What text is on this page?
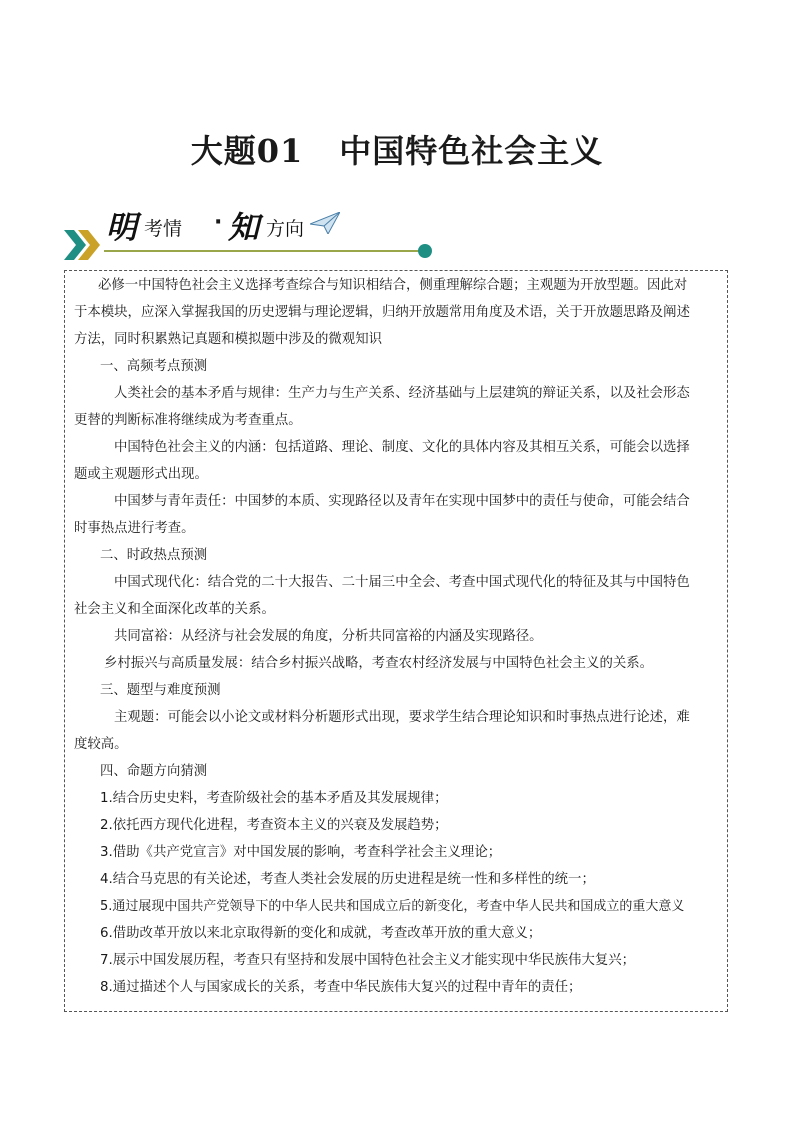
大题01 中国特色社会主义
明 考情 · 知 方向
必修一中国特色社会主义选择考查综合与知识相结合，侧重理解综合题；主观题为开放型题。因此对
于本模块，应深入掌握我国的历史逻辑与理论逻辑，归纳开放题常用角度及术语，关于开放题思路及阐述
方法，同时积累熟记真题和模拟题中涉及的微观知识
一、高频考点预测
人类社会的基本矛盾与规律：生产力与生产关系、经济基础与上层建筑的辩证关系，以及社会形态
更替的判断标准将继续成为考查重点。
中国特色社会主义的内涵：包括道路、理论、制度、文化的具体内容及其相互关系，可能会以选择
题或主观题形式出现。
中国梦与青年责任：中国梦的本质、实现路径以及青年在实现中国梦中的责任与使命，可能会结合
时事热点进行考查。
二、时政热点预测
中国式现代化：结合党的二十大报告、二十届三中全会、考查中国式现代化的特征及其与中国特色
社会主义和全面深化改革的关系。
共同富裕：从经济与社会发展的角度，分析共同富裕的内涵及实现路径。
乡村振兴与高质量发展：结合乡村振兴战略，考查农村经济发展与中国特色社会主义的关系。
三、题型与难度预测
主观题：可能会以小论文或材料分析题形式出现，要求学生结合理论知识和时事热点进行论述，难
度较高。
四、命题方向猜测
1.结合历史史料，考查阶级社会的基本矛盾及其发展规律；
2.依托西方现代化进程，考查资本主义的兴衰及发展趋势；
3.借助《共产党宣言》对中国发展的影响，考查科学社会主义理论；
4.结合马克思的有关论述，考查人类社会发展的历史进程是统一性和多样性的统一；
5.通过展现中国共产党领导下的中华人民共和国成立后的新变化，考查中华人民共和国成立的重大意义
6.借助改革开放以来北京取得新的变化和成就，考查改革开放的重大意义；
7.展示中国发展历程，考查只有坚持和发展中国特色社会主义才能实现中华民族伟大复兴；
8.通过描述个人与国家成长的关系，考查中华民族伟大复兴的过程中青年的责任；
